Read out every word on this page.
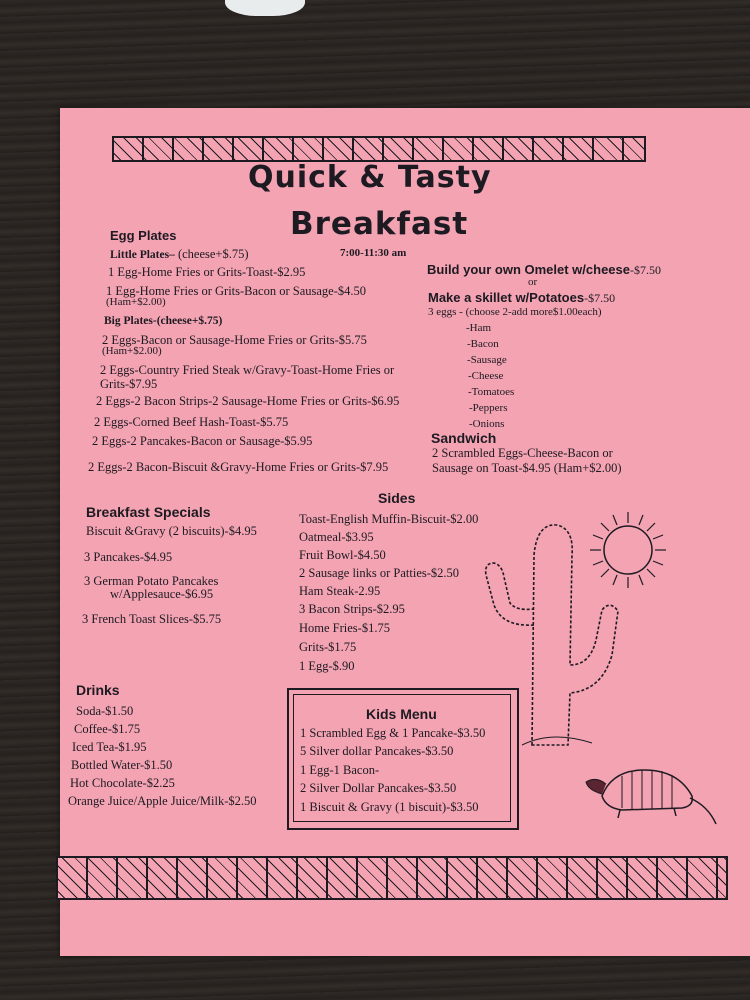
Quick & Tasty
Breakfast
7:00-11:30 am
Egg Plates
Little Plates– (cheese+$.75)
1 Egg-Home Fries or Grits-Toast-$2.95
1 Egg-Home Fries or Grits-Bacon or Sausage-$4.50
(Ham+$2.00)
Big Plates-(cheese+$.75)
2 Eggs-Bacon or Sausage-Home Fries or Grits-$5.75
(Ham+$2.00)
2 Eggs-Country Fried Steak w/Gravy-Toast-Home Fries or
Grits-$7.95
2 Eggs-2 Bacon Strips-2 Sausage-Home Fries or Grits-$6.95
2 Eggs-Corned Beef Hash-Toast-$5.75
2 Eggs-2 Pancakes-Bacon or Sausage-$5.95
2 Eggs-2 Bacon-Biscuit &Gravy-Home Fries or Grits-$7.95
Build your own Omelet w/cheese-$7.50
or
Make a skillet w/Potatoes-$7.50
3 eggs - (choose 2-add more$1.00each)
-Ham
-Bacon
-Sausage
-Cheese
-Tomatoes
-Peppers
-Onions
Sandwich
2 Scrambled Eggs-Cheese-Bacon or
Sausage on Toast-$4.95 (Ham+$2.00)
Breakfast Specials
Biscuit &Gravy (2 biscuits)-$4.95
3 Pancakes-$4.95
3 German Potato Pancakes
w/Applesauce-$6.95
3 French Toast Slices-$5.75
Sides
Toast-English Muffin-Biscuit-$2.00
Oatmeal-$3.95
Fruit Bowl-$4.50
2 Sausage links or Patties-$2.50
Ham Steak-2.95
3 Bacon Strips-$2.95
Home Fries-$1.75
Grits-$1.75
1 Egg-$.90
Drinks
Soda-$1.50
Coffee-$1.75
Iced Tea-$1.95
Bottled Water-$1.50
Hot Chocolate-$2.25
Orange Juice/Apple Juice/Milk-$2.50
Kids Menu
1 Scrambled Egg & 1 Pancake-$3.50
5 Silver dollar Pancakes-$3.50
1 Egg-1 Bacon-
2 Silver Dollar Pancakes-$3.50
1 Biscuit & Gravy (1 biscuit)-$3.50
